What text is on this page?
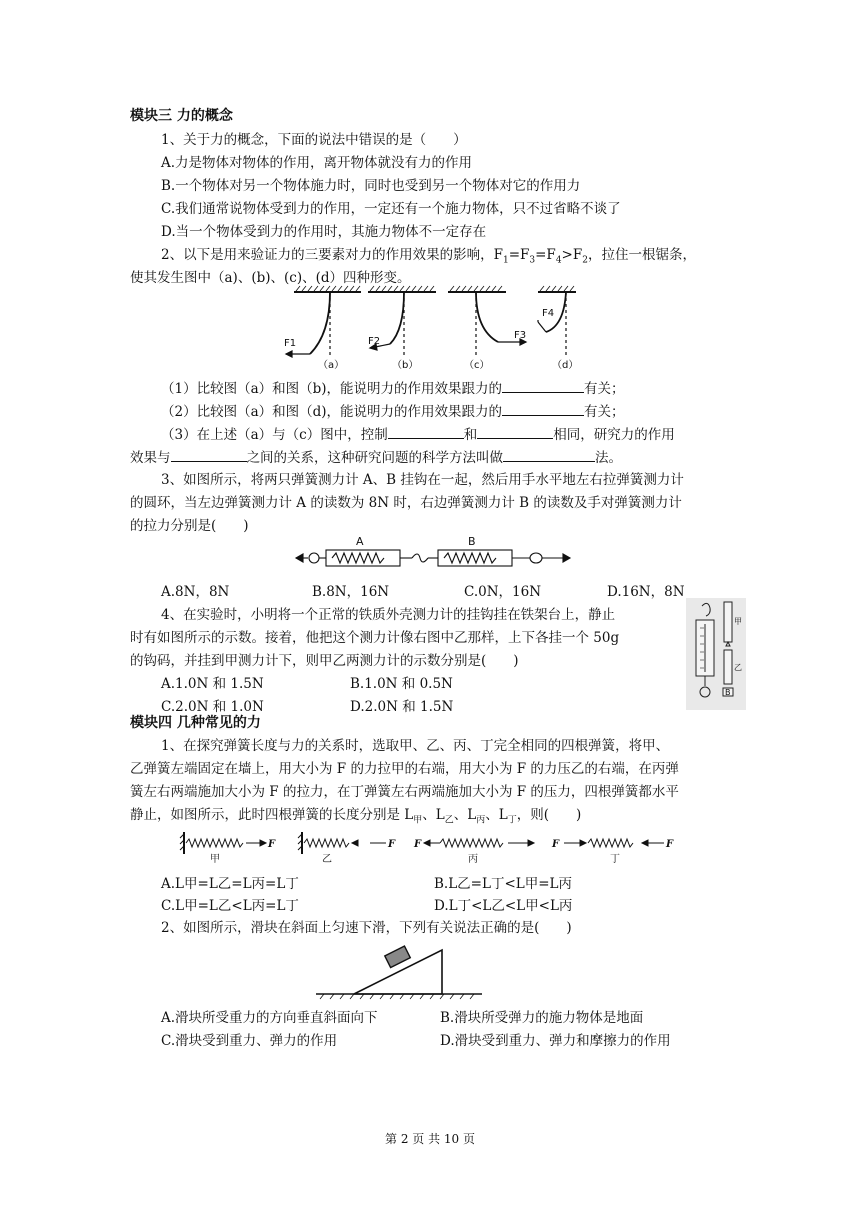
模块三 力的概念
1、关于力的概念，下面的说法中错误的是（　　）
A.力是物体对物体的作用，离开物体就没有力的作用
B.一个物体对另一个物体施力时，同时也受到另一个物体对它的作用力
C.我们通常说物体受到力的作用，一定还有一个施力物体，只不过省略不谈了
D.当一个物体受到力的作用时，其施力物体不一定存在
2、以下是用来验证力的三要素对力的作用效果的影响，$F_1=F_3=F_4>F_2$，拉住一根锯条，
使其发生图中（a)、(b)、(c)、(d）四种形变。
F1	F2
F3
F4
（a）	（b）	（c）	（d）
（1）比较图（a）和图（b)，能说明力的作用效果跟力的	有关；
（2）比较图（a）和图（d)，能说明力的作用效果跟力的	有关；
（3）在上述（a）与（c）图中，控制	和	相同，研究力的作用
效果与	之间的关系，这种研究问题的科学方法叫做	法。
3、如图所示，将两只弹簧测力计 A、B 挂钩在一起，然后用手水平地左右拉弹簧测力计
的圆环，当左边弹簧测力计 A 的读数为 8N 时，右边弹簧测力计 B 的读数及手对弹簧测力计
的拉力分别是(　　)
A	B
A.8N，8N	B.8N，16N	C.0N，16N	D.16N，8N
4、在实验时，小明将一个正常的铁质外壳测力计的挂钩挂在铁架台上，静止
时有如图所示的示数。接着，他把这个测力计像右图中乙那样，上下各挂一个 50g
的钩码，并挂到甲测力计下，则甲乙两测力计的示数分别是(　　)
A.1.0N 和 1.5N	B.1.0N 和 0.5N
C.2.0N 和 1.0N	D.2.0N 和 1.5N
甲
乙
B
模块四 几种常见的力
1、在探究弹簧长度与力的关系时，选取甲、乙、丙、丁完全相同的四根弹簧，将甲、
乙弹簧左端固定在墙上，用大小为 F 的力拉甲的右端，用大小为 F 的力压乙的右端，在丙弹
簧左右两端施加大小为 F 的拉力，在丁弹簧左右两端施加大小为 F 的压力，四根弹簧都水平
静止，如图所示，此时四根弹簧的长度分别是 $L_甲$、$L_乙$、$L_丙$、$L_丁$，则(　　)
F	F F	F	F
甲	乙	丙	丁
A.L甲=L乙=L丙=L丁	B.L乙=L丁<L甲=L丙
C.L甲=L乙<L丙=L丁	D.L丁<L乙<L甲<L丙
2、如图所示，滑块在斜面上匀速下滑，下列有关说法正确的是(　　)
A.滑块所受重力的方向垂直斜面向下	B.滑块所受弹力的施力物体是地面
C.滑块受到重力、弹力的作用	D.滑块受到重力、弹力和摩擦力的作用
第 2 页 共 10 页
